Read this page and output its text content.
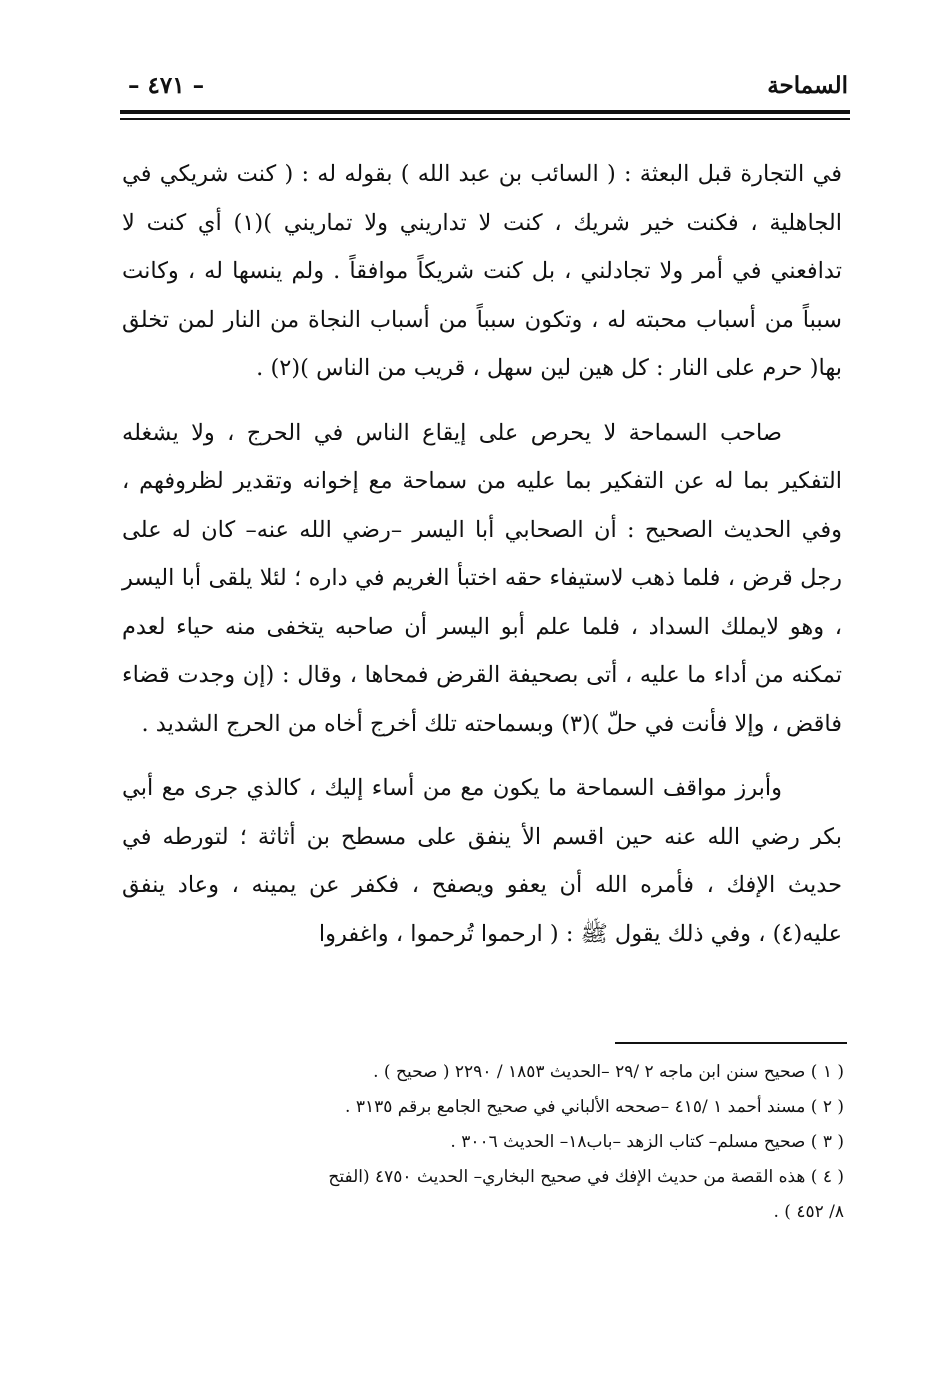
السماحة
– ٤٧١ –

في التجارة قبل البعثة : ( السائب بن عبد الله ) بقوله له : ( كنت شريكي في الجاهلية ، فكنت خير شريك ، كنت لا تداريني ولا تماريني )(١) أي كنت لا تدافعني في أمر ولا تجادلني ، بل كنت شريكاً موافقاً . ولم ينسها له ، وكانت سبباً من أسباب محبته له ، وتكون سبباً من أسباب النجاة من النار لمن تخلق بها( حرم على النار : كل هين لين سهل ، قريب من الناس )(٢) .

صاحب السماحة لا يحرص على إيقاع الناس في الحرج ، ولا يشغله التفكير بما له عن التفكير بما عليه من سماحة مع إخوانه وتقدير لظروفهم ، وفي الحديث الصحيح : أن الصحابي أبا اليسر –رضي الله عنه– كان له على رجل قرض ، فلما ذهب لاستيفاء حقه اختبأ الغريم في داره ؛ لئلا يلقى أبا اليسر ، وهو لايملك السداد ، فلما علم أبو اليسر أن صاحبه يتخفى منه حياء لعدم تمكنه من أداء ما عليه ، أتى بصحيفة القرض فمحاها ، وقال : (إن وجدت قضاء فاقض ، وإلا فأنت في حلّ )(٣) وبسماحته تلك أخرج أخاه من الحرج الشديد .

وأبرز مواقف السماحة ما يكون مع من أساء إليك ، كالذي جرى مع أبي بكر رضي الله عنه حين اقسم الأ ينفق على مسطح بن أثاثة ؛ لتورطه في حديث الإفك ، فأمره الله أن يعفو ويصفح ، فكفر عن يمينه ، وعاد ينفق عليه(٤) ، وفي ذلك يقول ﷺ : ( ارحموا تُرحموا ، واغفروا

( ١ ) صحيح سنن ابن ماجه ٢ /٢٩ –الحديث ١٨٥٣ / ٢٢٩٠ ( صحيح ) .

( ٢ ) مسند أحمد ١ /٤١٥ –صححه الألباني في صحيح الجامع برقم ٣١٣٥ .

( ٣ ) صحيح مسلم– كتاب الزهد –باب١٨– الحديث ٣٠٠٦ .

( ٤ ) هذه القصة من حديث الإفك في صحيح البخاري– الحديث ٤٧٥٠ (الفتح

٨/ ٤٥٢ ) .
